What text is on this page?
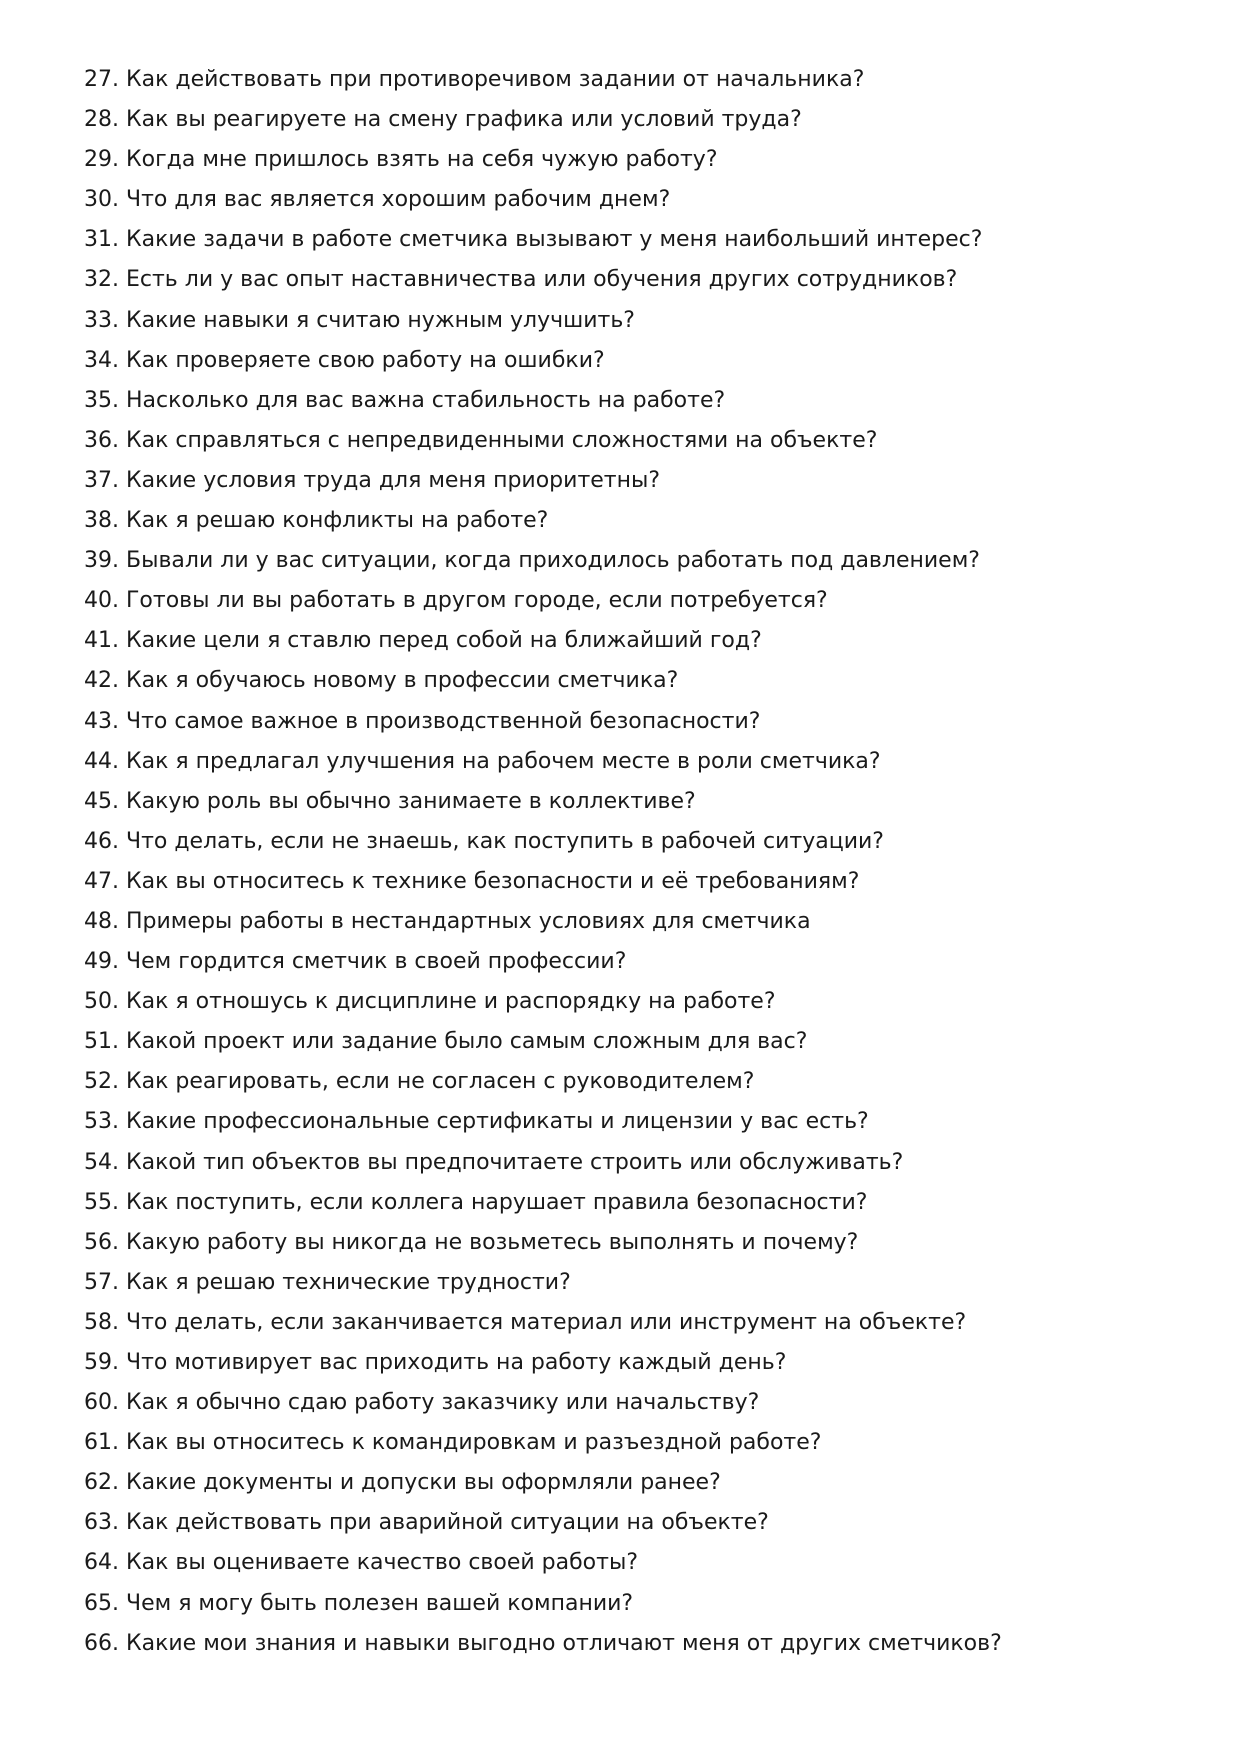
27 . Как действовать при противоречивом задании от начальника?
28 . Как вы реагируете на смену графика или условий труда?
29 . Когда мне пришлось взять на себя чужую работу?
30 . Что для вас является хорошим рабочим днем?
31 . Какие задачи в работе сметчика вызывают у меня наибольший интерес?
32 . Есть ли у вас опыт наставничества или обучения других сотрудников?
33 . Какие навыки я считаю нужным улучшить?
34 . Как проверяете свою работу на ошибки?
35 . Насколько для вас важна стабильность на работе?
36 . Как справляться с непредвиденными сложностями на объекте?
37 . Какие условия труда для меня приоритетны?
38 . Как я решаю конфликты на работе?
39 . Бывали ли у вас ситуации, когда приходилось работать под давлением?
40 . Готовы ли вы работать в другом городе, если потребуется?
41 . Какие цели я ставлю перед собой на ближайший год?
42 . Как я обучаюсь новому в профессии сметчика?
43 . Что самое важное в производственной безопасности?
44 . Как я предлагал улучшения на рабочем месте в роли сметчика?
45 . Какую роль вы обычно занимаете в коллективе?
46 . Что делать, если не знаешь, как поступить в рабочей ситуации?
47 . Как вы относитесь к технике безопасности и её требованиям?
48 . Примеры работы в нестандартных условиях для сметчика
49 . Чем гордится сметчик в своей профессии?
50 . Как я отношусь к дисциплине и распорядку на работе?
51 . Какой проект или задание было самым сложным для вас?
52 . Как реагировать, если не согласен с руководителем?
53 . Какие профессиональные сертификаты и лицензии у вас есть?
54 . Какой тип объектов вы предпочитаете строить или обслуживать?
55 . Как поступить, если коллега нарушает правила безопасности?
56 . Какую работу вы никогда не возьметесь выполнять и почему?
57 . Как я решаю технические трудности?
58 . Что делать, если заканчивается материал или инструмент на объекте?
59 . Что мотивирует вас приходить на работу каждый день?
60 . Как я обычно сдаю работу заказчику или начальству?
61 . Как вы относитесь к командировкам и разъездной работе?
62 . Какие документы и допуски вы оформляли ранее?
63 . Как действовать при аварийной ситуации на объекте?
64 . Как вы оцениваете качество своей работы?
65 . Чем я могу быть полезен вашей компании?
66 . Какие мои знания и навыки выгодно отличают меня от других сметчиков?
